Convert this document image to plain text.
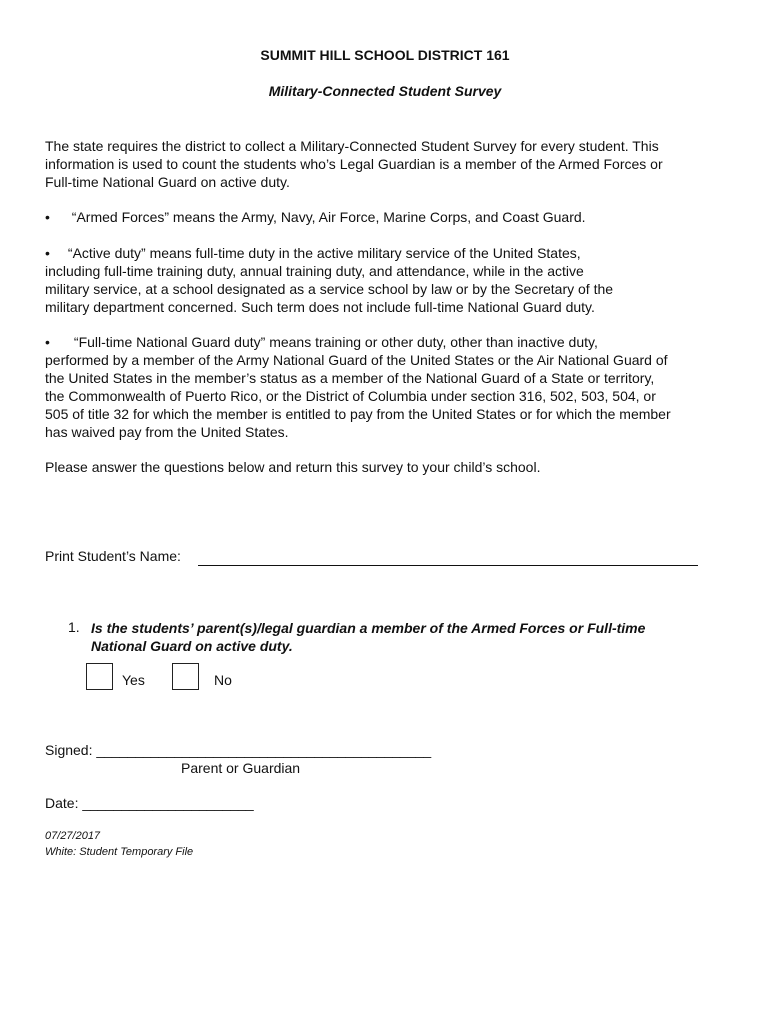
SUMMIT HILL SCHOOL DISTRICT 161
Military-Connected Student Survey
The state requires the district to collect a Military-Connected Student Survey for every student. This
information is used to count the students who’s Legal Guardian is a member of the Armed Forces or
Full-time National Guard on active duty.
• “Armed Forces” means the Army, Navy, Air Force, Marine Corps, and Coast Guard.
• “Active duty” means full-time duty in the active military service of the United States,
including full-time training duty, annual training duty, and attendance, while in the active
military service, at a school designated as a service school by law or by the Secretary of the
military department concerned. Such term does not include full-time National Guard duty.
• “Full-time National Guard duty” means training or other duty, other than inactive duty,
performed by a member of the Army National Guard of the United States or the Air National Guard of
the United States in the member’s status as a member of the National Guard of a State or territory,
the Commonwealth of Puerto Rico, or the District of Columbia under section 316, 502, 503, 504, or
505 of title 32 for which the member is entitled to pay from the United States or for which the member
has waived pay from the United States.
Please answer the questions below and return this survey to your child’s school.
Print Student’s Name:
1. Is the students’ parent(s)/legal guardian a member of the Armed Forces or Full-time
National Guard on active duty.
Yes	No
Signed: ___________________________________________
Parent or Guardian
Date: ______________________
07/27/2017
White: Student Temporary File
